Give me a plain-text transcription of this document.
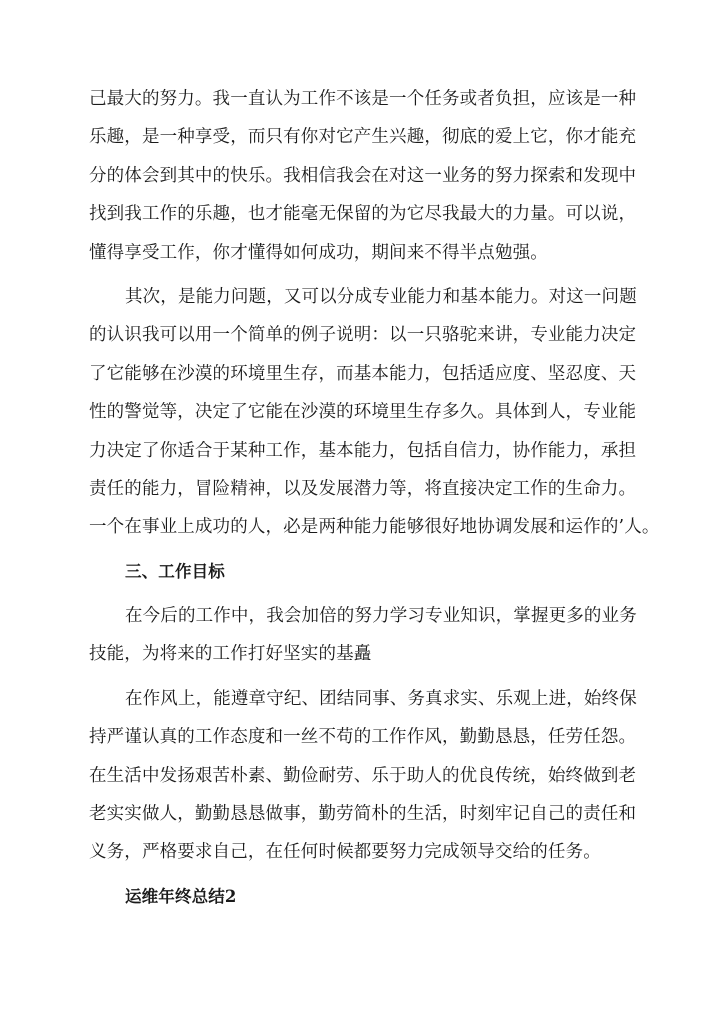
己最大的努力。我一直认为工作不该是一个任务或者负担，应该是一种
乐趣，是一种享受，而只有你对它产生兴趣，彻底的爱上它，你才能充
分的体会到其中的快乐。我相信我会在对这一业务的努力探索和发现中
找到我工作的乐趣，也才能毫无保留的为它尽我最大的力量。可以说，
懂得享受工作，你才懂得如何成功，期间来不得半点勉强。
其次，是能力问题，又可以分成专业能力和基本能力。对这一问题
的认识我可以用一个简单的例子说明：以一只骆驼来讲，专业能力决定
了它能够在沙漠的环境里生存，而基本能力，包括适应度、坚忍度、天
性的警觉等，决定了它能在沙漠的环境里生存多久。具体到人，专业能
力决定了你适合于某种工作，基本能力，包括自信力，协作能力，承担
责任的能力，冒险精神，以及发展潜力等，将直接决定工作的生命力。
一个在事业上成功的人，必是两种能力能够很好地协调发展和运作的’人。
三、工作目标
在今后的工作中，我会加倍的努力学习专业知识，掌握更多的业务
技能，为将来的工作打好坚实的基矗
在作风上，能遵章守纪、团结同事、务真求实、乐观上进，始终保
持严谨认真的工作态度和一丝不苟的工作作风，勤勤恳恳，任劳任怨。
在生活中发扬艰苦朴素、勤俭耐劳、乐于助人的优良传统，始终做到老
老实实做人，勤勤恳恳做事，勤劳简朴的生活，时刻牢记自己的责任和
义务，严格要求自己，在任何时候都要努力完成领导交给的任务。
运维年终总结2
